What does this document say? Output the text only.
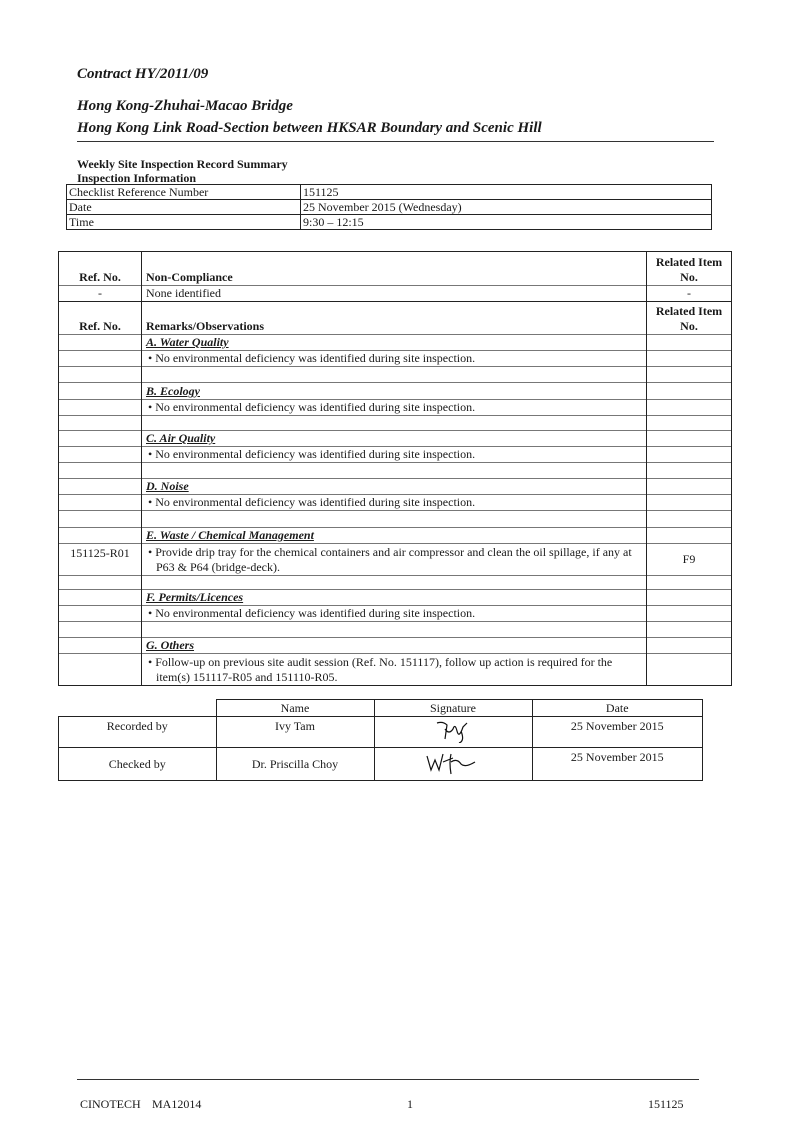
Contract HY/2011/09
Hong Kong-Zhuhai-Macao Bridge
Hong Kong Link Road-Section between HKSAR Boundary and Scenic Hill
Weekly Site Inspection Record Summary
Inspection Information
Checklist Reference Number	151125
Date	25 November 2015 (Wednesday)
Time	9:30 – 12:15
Ref. No.	Non-Compliance	Related Item No.
-	None identified	-
Ref. No.	Remarks/Observations	Related Item No.
	A. Water Quality	

	• No environmental deficiency was identified during site inspection.	

	B. Ecology	

	• No environmental deficiency was identified during site inspection.	

	C. Air Quality	

	• No environmental deficiency was identified during site inspection.	

	D. Noise	

	• No environmental deficiency was identified during site inspection.	

	E. Waste / Chemical Management	
151125-R01	• Provide drip tray for the chemical containers and air compressor and clean the oil spillage, if any at P63 & P64 (bridge-deck).	F9

	F. Permits/Licences	

	• No environmental deficiency was identified during site inspection.	

	G. Others	

	• Follow-up on previous site audit session (Ref. No. 151117), follow up action is required for the item(s) 151117-R05 and 151110-R05.	

	Name	Signature	Date
Recorded by	Ivy Tam		25 November 2015
Checked by	Dr. Priscilla Choy		25 November 2015
CINOTECH MA12014	1	151125
